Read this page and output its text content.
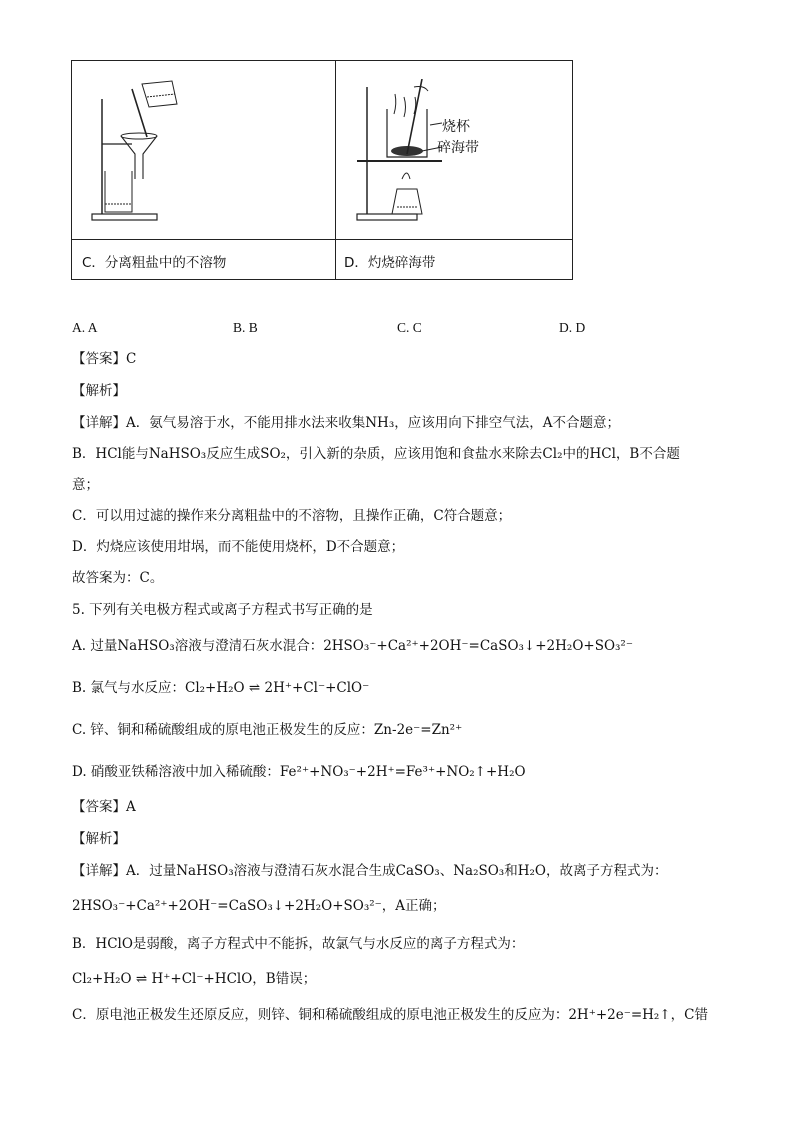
烧杯
碎海带
C．分离粗盐中的不溶物	D．灼烧碎海带
A. A	B. B	C. C	D. D
【答案】C
【解析】
【详解】A．氨气易溶于水，不能用排水法来收集NH₃，应该用向下排空气法，A不合题意；
B．HCl能与NaHSO₃反应生成SO₂，引入新的杂质，应该用饱和食盐水来除去Cl₂中的HCl，B不合题
意；
C．可以用过滤的操作来分离粗盐中的不溶物，且操作正确，C符合题意；
D．灼烧应该使用坩埚，而不能使用烧杯，D不合题意；
故答案为：C。
5. 下列有关电极方程式或离子方程式书写正确的是
A. 过量NaHSO₃溶液与澄清石灰水混合：2HSO₃⁻+Ca²⁺+2OH⁻=CaSO₃↓+2H₂O+SO₃²⁻
B. 氯气与水反应：Cl₂+H₂O ⇌ 2H⁺+Cl⁻+ClO⁻
C. 锌、铜和稀硫酸组成的原电池正极发生的反应：Zn-2e⁻=Zn²⁺
D. 硝酸亚铁稀溶液中加入稀硫酸：Fe²⁺+NO₃⁻+2H⁺=Fe³⁺+NO₂↑+H₂O
【答案】A
【解析】
【详解】A．过量NaHSO₃溶液与澄清石灰水混合生成CaSO₃、Na₂SO₃和H₂O，故离子方程式为：
2HSO₃⁻+Ca²⁺+2OH⁻=CaSO₃↓+2H₂O+SO₃²⁻，A正确；
B．HClO是弱酸，离子方程式中不能拆，故氯气与水反应的离子方程式为：
Cl₂+H₂O ⇌ H⁺+Cl⁻+HClO，B错误；
C．原电池正极发生还原反应，则锌、铜和稀硫酸组成的原电池正极发生的反应为：2H⁺+2e⁻=H₂↑，C错
